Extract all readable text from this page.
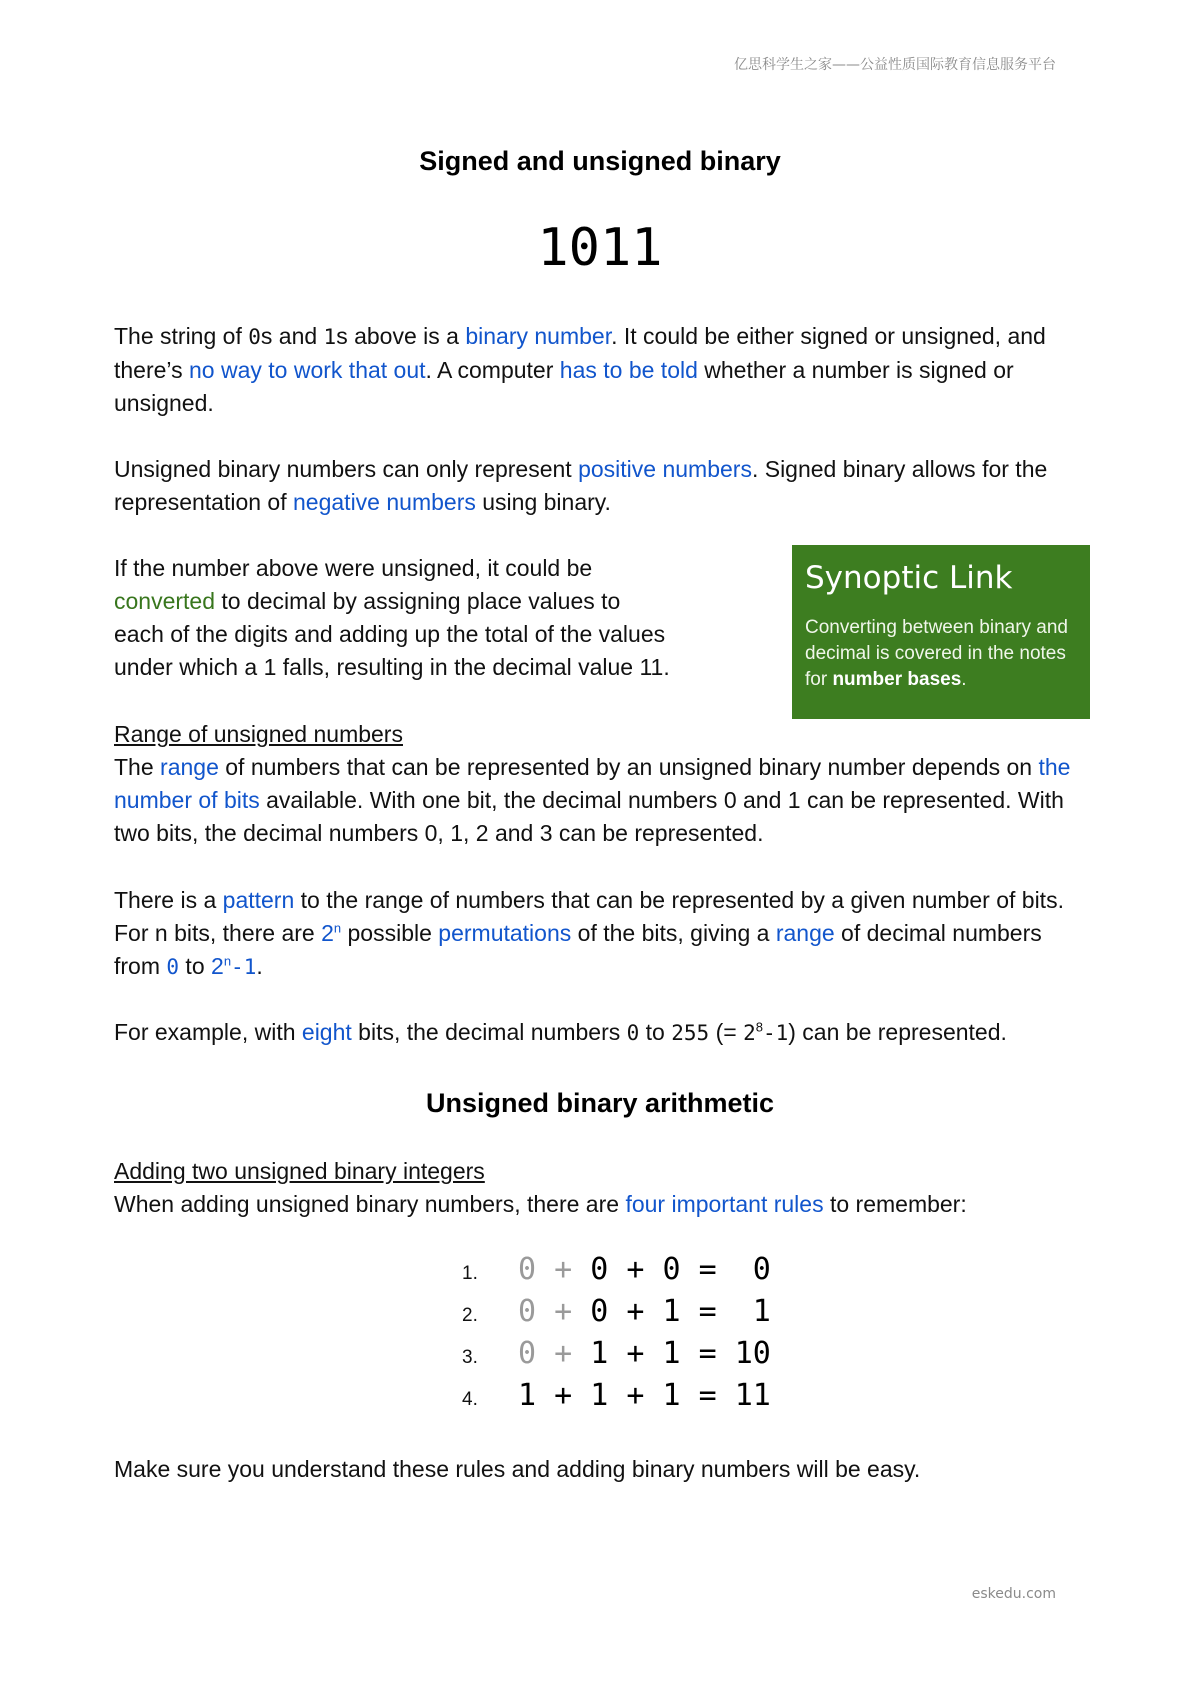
亿思科学生之家——公益性质国际教育信息服务平台
Signed and unsigned binary
1011

The string of 0s and 1s above is a binary number. It could be either signed or unsigned, and there’s no way to work that out. A computer has to be told whether a number is signed or unsigned.

Unsigned binary numbers can only represent positive numbers. Signed binary allows for the representation of negative numbers using binary.

If the number above were unsigned, it could be converted to decimal by assigning place values to each of the digits and adding up the total of the values under which a 1 falls, resulting in the decimal value 11.

Synoptic Link
Converting between binary and decimal is covered in the notes for number bases.

Range of unsigned numbers
The range of numbers that can be represented by an unsigned binary number depends on the number of bits available. With one bit, the decimal numbers 0 and 1 can be represented. With two bits, the decimal numbers 0, 1, 2 and 3 can be represented.

There is a pattern to the range of numbers that can be represented by a given number of bits. For n bits, there are 2$^n$ possible permutations of the bits, giving a range of decimal numbers from 0 to 2$^n$-1.

For example, with eight bits, the decimal numbers 0 to 255 (= $2^8-1$) can be represented.

Unsigned binary arithmetic

Adding two unsigned binary integers
When adding unsigned binary numbers, there are four important rules to remember:

1.	0 + 0 + 0 =  0
2.	0 + 0 + 1 =  1
3.	0 + 1 + 1 = 10
4.	1 + 1 + 1 = 11

Make sure you understand these rules and adding binary numbers will be easy.

eskedu.com
